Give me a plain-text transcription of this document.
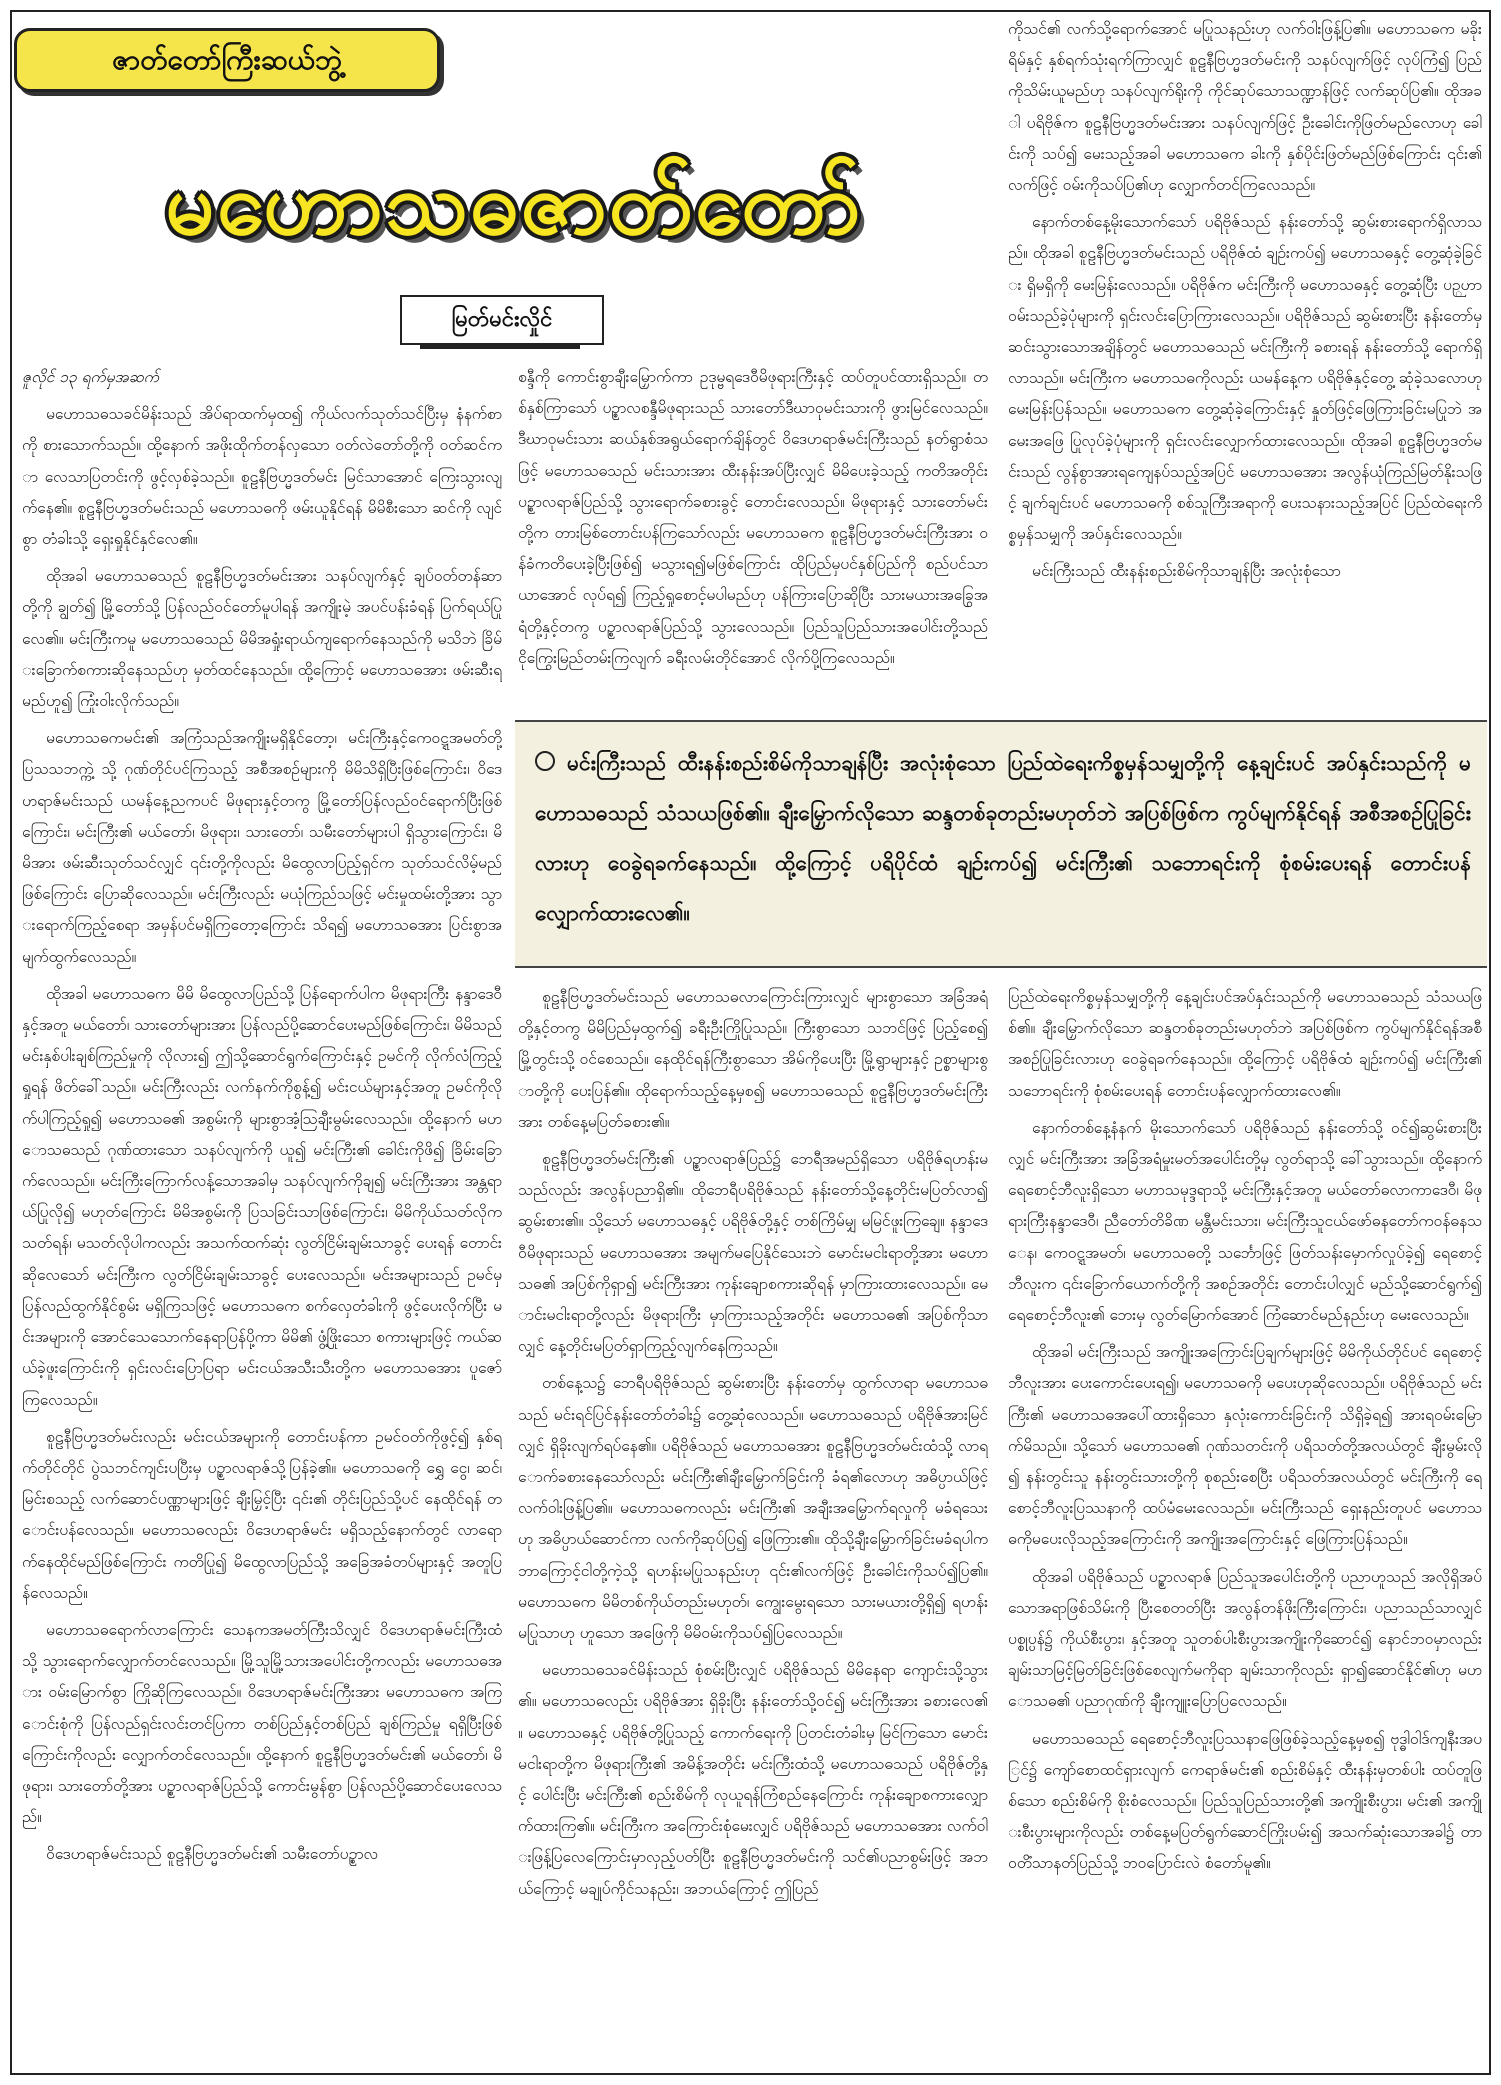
ဇာတ်တော်ကြီးဆယ်ဘွဲ့
မဟောသဓဇာတ်တော်
မြတ်မင်းလှိုင်

ဇူလိုင် ၁၃ ရက်မှအဆက်

မဟောသဓသခင်မိန်းသည် အိပ်ရာထက်မှထ၍ ကိုယ်လက်သုတ်သင်ပြီးမှ နံနက်စာကို စားသောက်သည်။ ထို့နောက် အဖိုးထိုက်တန်လှသော ဝတ်လဲတော်တို့ကို ဝတ်ဆင်ကာ လေသာပြတင်းကို ဖွင့်လှစ်ခဲ့သည်။ စူဠနီဗြဟ္မဒတ်မင်း မြင်သာအောင် ကြေးသွားလျက်နေ၏။ စူဠနီဗြဟ္မဒတ်မင်းသည် မဟောသဓကို ဖမ်းယူနိုင်ရန် မိမိစီးသော ဆင်ကို လျင်စွာ တံခါးသို့ ရှေးရှုနိုင်နှင်လေ၏။

ထိုအခါ မဟောသဓသည် စူဠနီဗြဟ္မဒတ်မင်းအား သနပ်လျက်နှင့် ချပ်ဝတ်တန်ဆာတို့ကို ချွတ်၍ မြို့တော်သို့ ပြန်လည်ဝင်တော်မူပါရန် အကျိုးမဲ့ အပင်ပန်းခံရန် ပြက်ရယ်ပြုလေ၏။ မင်းကြီးကမူ မဟောသဓသည် မိမိအရှုံးရာယ်ကျရောက်နေသည်ကို မသိဘဲ ခြိမ်းခြောက်စကားဆိုနေသည်ဟု မှတ်ထင်နေသည်။ ထို့ကြောင့် မဟောသဓအား ဖမ်းဆီးရမည်ဟူ၍ ကြုံးဝါးလိုက်သည်။

မဟောသဓကမင်း၏ အကြံသည်အကျိုးမရှိနိုင်တော့၊ မင်းကြီးနှင့်ကေဝဋ္ဋအမတ်တို့ ပြသသဘက္ကဲ့ သို့ ဂုဏ်တိုင်ပင်ကြသည့် အစီအစဉ်များကို မိမိသိရှိပြီးဖြစ်ကြောင်း၊ ဝိဒေဟရာဇ်မင်းသည် ယမန်နေ့ညကပင် မိဖုရားနှင့်တကွ မြို့တော်ပြန်လည်ဝင်ရောက်ပြီးဖြစ်ကြောင်း၊ မင်းကြီး၏ မယ်တော်၊ မိဖုရား၊ သားတော်၊ သမီးတော်များပါ ရှိသွားကြောင်း၊ မိမိအား ဖမ်းဆီးသုတ်သင်လျှင် ၎င်းတို့ကိုလည်း မိထွေလာပြည့်ရှင်က သုတ်သင်လိမ့်မည်ဖြစ်ကြောင်း ပြောဆိုလေသည်။ မင်းကြီးလည်း မယုံကြည်သဖြင့် မင်းမှုထမ်းတို့အား သွားရောက်ကြည့်စေရာ အမှန်ပင်မရှိကြတော့ကြောင်း သိရ၍ မဟောသဓအား ပြင်းစွာအမျက်ထွက်လေသည်။

ထိုအခါ မဟောသဓက မိမိ မိထွေလာပြည်သို့ ပြန်ရောက်ပါက မိဖုရားကြီး နန္ဒာဒေဝီနှင့်အတူ မယ်တော်၊ သားတော်များအား ပြန်လည်ပို့ဆောင်ပေးမည်ဖြစ်ကြောင်း၊ မိမိသည် မင်းနှစ်ပါးချစ်ကြည်မှုကို လိုလား၍ ဤသို့ဆောင်ရွက်ကြောင်းနှင့် ဥမင်ကို လိုက်လံကြည့်ရှုရန် ဖိတ်ခေါ်သည်။ မင်းကြီးလည်း လက်နက်ကိုစွန့်၍ မင်းငယ်များနှင့်အတူ ဥမင်ကိုလိုက်ပါကြည့်ရှု၍ မဟောသဓ၏ အစွမ်းကို များစွာအံ့သြချီးမွမ်းလေသည်။ ထို့နောက် မဟောသဓသည် ဂုဏ်ထားသော သနပ်လျက်ကို ယူ၍ မင်းကြီး၏ ခေါင်းကိုဖိ၍ ခြိမ်းခြောက်လေသည်။ မင်းကြီးကြောက်လန့်သောအခါမှ သနပ်လျက်ကိုချ၍ မင်းကြီးအား အန္တရာယ်ပြုလို၍ မဟုတ်ကြောင်း မိမိအစွမ်းကို ပြသခြင်းသာဖြစ်ကြောင်း၊ မိမိကိုယ်သတ်လိုက သတ်ရန်၊ မသတ်လိုပါကလည်း အသက်ထက်ဆုံး လွတ်ငြိမ်းချမ်းသာခွင့် ပေးရန် တောင်းဆိုလေသော် မင်းကြီးက လွတ်ငြိမ်းချမ်းသာခွင့် ပေးလေသည်။ မင်းအများသည် ဥမင်မှ ပြန်လည်ထွက်နိုင်စွမ်း မရှိကြသဖြင့် မဟောသဓက စက်လှေတံခါးကို ဖွင့်ပေးလိုက်ပြီး မင်းအများကို အောင်သေသောက်နေရာပြန်ပို့ကာ မိမိ၏ ဖွံ့ဖြိုးသော စကားများဖြင့် ကယ်ဆယ်ခဲ့ဖူးကြောင်းကို ရှင်းလင်းပြောပြရာ မင်းငယ်အသီးသီးတို့က မဟောသဓအား ပူဇော်ကြလေသည်။

စူဠနီဗြဟ္မဒတ်မင်းလည်း မင်းငယ်အများကို တောင်းပန်ကာ ဥမင်ဝတ်ကိုဖွင့်၍ နှစ်ရက်တိုင်တိုင် ပွဲသဘင်ကျင်းပပြီးမှ ပဉ္စာလရာဇ်သို့ပြန်ခဲ့၏။ မဟောသဓကို ရွှေ ငွေ၊ ဆင်၊ မြင်းစသည့် လက်ဆောင်ပဏ္ဏာများဖြင့် ချီးမြှင့်ပြီး ၎င်း၏ တိုင်းပြည်သို့ပင် နေထိုင်ရန် တောင်းပန်လေသည်။ မဟောသဓလည်း ဝိဒေဟရာဇ်မင်း မရှိသည့်နောက်တွင် လာရောက်နေထိုင်မည်ဖြစ်ကြောင်း ကတိပြု၍ မိထွေလာပြည်သို့ အခြေအခံတပ်များနှင့် အတူပြန်လေသည်။

မဟောသဓရောက်လာကြောင်း သေနကအမတ်ကြီးသိလျှင် ဝိဒေဟရာဇ်မင်းကြီးထံသို့ သွားရောက်လျှောက်တင်လေသည်။ မြို့သူမြို့သားအပေါင်းတို့ကလည်း မဟောသဓအား ဝမ်းမြောက်စွာ ကြိုဆိုကြလေသည်။ ဝိဒေဟရာဇ်မင်းကြီးအား မဟောသဓက အကြောင်းစုံကို ပြန်လည်ရှင်းလင်းတင်ပြကာ တစ်ပြည်နှင့်တစ်ပြည် ချစ်ကြည်မှု ရရှိပြီးဖြစ်ကြောင်းကိုလည်း လျှောက်တင်လေသည်။ ထို့နောက် စူဠနီဗြဟ္မဒတ်မင်း၏ မယ်တော်၊ မိဖုရား၊ သားတော်တို့အား ပဉ္စာလရာဇ်ပြည်သို့ ကောင်းမွန်စွာ ပြန်လည်ပို့ဆောင်ပေးလေသည်။

ဝိဒေဟရာဇ်မင်းသည် စူဠနီဗြဟ္မဒတ်မင်း၏ သမီးတော်ပဉ္စာလ

စန္ဒီကို ကောင်းစွာချီးမြှောက်ကာ ဥဒုမ္ဗရဒေဝီမိဖုရားကြီးနှင့် ထပ်တူပင်ထားရှိသည်။ တစ်နှစ်ကြာသော် ပဉ္စာလစန္ဒီမိဖုရားသည် သားတော်ဒီဃာဝုမင်းသားကို ဖွားမြင်လေသည်။ ဒီဃာဝုမင်းသား ဆယ်နှစ်အရွယ်ရောက်ချိန်တွင် ဝိဒေဟရာဇ်မင်းကြီးသည် နတ်ရွာစံသဖြင့် မဟောသဓသည် မင်းသားအား ထီးနန်းအပ်ပြီးလျှင် မိမိပေးခဲ့သည့် ကတိအတိုင်း ပဉ္စာလရာဇ်ပြည်သို့ သွားရောက်ခစားခွင့် တောင်းလေသည်။ မိဖုရားနှင့် သားတော်မင်းတို့က တားမြစ်တောင်းပန်ကြသော်လည်း မဟောသဓက စူဠနီဗြဟ္မဒတ်မင်းကြီးအား ဝန်ခံကတိပေးခဲ့ပြီးဖြစ်၍ မသွားရ၍မဖြစ်ကြောင်း ထိုပြည်မှပင်နှစ်ပြည်ကို စည်ပင်သာယာအောင် လုပ်ရ၍ ကြည့်ရှုစောင့်မပါမည်ဟု ပန်ကြားပြောဆိုပြီး သားမယားအခြွေအရံတို့နှင့်တကွ ပဉ္စာလရာဇ်ပြည်သို့ သွားလေသည်။ ပြည်သူပြည်သားအပေါင်းတို့သည် ငိုကြွေးမြည်တမ်းကြလျက် ခရီးလမ်းတိုင်အောင် လိုက်ပို့ကြလေသည်။

ကိုသင်၏ လက်သို့ရောက်အောင် မပြုသနည်းဟု လက်ဝါးဖြန့်ပြ၏။ မဟောသဓက မခိုးရိမ်နှင့် နှစ်ရက်သုံးရက်ကြာလျှင် စူဠနီဗြဟ္မဒတ်မင်းကို သနပ်လျက်ဖြင့် လုပ်ကြံ၍ ပြည်ကိုသိမ်းယူမည်ဟု သနပ်လျက်ရိုးကို ကိုင်ဆုပ်သောသဏ္ဍာန်ဖြင့် လက်ဆုပ်ပြ၏။ ထိုအခါ ပရိဗိုဇ်က စူဠနီဗြဟ္မဒတ်မင်းအား သနပ်လျက်ဖြင့် ဦးခေါင်းကိုဖြတ်မည်လောဟု ခေါင်းကို သပ်၍ မေးသည့်အခါ မဟောသဓက ခါးကို နှစ်ပိုင်းဖြတ်မည်ဖြစ်ကြောင်း ၎င်း၏လက်ဖြင့် ဝမ်းကိုသပ်ပြ၏ဟု လျှောက်တင်ကြလေသည်။

နောက်တစ်နေ့မိုးသောက်သော် ပရိဗိုဇ်သည် နန်းတော်သို့ ဆွမ်းစားရောက်ရှိလာသည်။ ထိုအခါ စူဠနီဗြဟ္မဒတ်မင်းသည် ပရိဗိုဇ်ထံ ချဉ်းကပ်၍ မဟောသဓနှင့် တွေ့ဆုံခဲ့ခြင်း ရှိမရှိကို မေးမြန်းလေသည်။ ပရိဗိုဇ်က မင်းကြီးကို မဟောသဓနှင့် တွေ့ဆုံပြီး ပဉ္ဟာဝမ်းသည်ခဲ့ပုံများကို ရှင်းလင်းပြောကြားလေသည်။ ပရိဗိုဇ်သည် ဆွမ်းစားပြီး နန်းတော်မှ ဆင်းသွားသောအချိန်တွင် မဟောသဓသည် မင်းကြီးကို ခစားရန် နန်းတော်သို့ ရောက်ရှိလာသည်။ မင်းကြီးက မဟောသဓကိုလည်း ယမန်နေ့က ပရိဗိုဇ်နှင့်တွေ့ ဆုံခဲ့သလောဟု မေးမြန်းပြန်သည်။ မဟောသဓက တွေ့ဆုံခဲ့ကြောင်းနှင့် နှုတ်ဖြင့်ဖြေကြားခြင်းမပြုဘဲ အမေးအဖြေ ပြုလုပ်ခဲ့ပုံများကို ရှင်းလင်းလျှောက်ထားလေသည်။ ထိုအခါ စူဠနီဗြဟ္မဒတ်မင်းသည် လွန်စွာအားရကျေနပ်သည့်အပြင် မဟောသဓအား အလွန်ယုံကြည်မြတ်နိုးသဖြင့် ချက်ချင်းပင် မဟောသဓကို စစ်သူကြီးအရာကို ပေးသနားသည့်အပြင် ပြည်ထဲရေးကိစ္စမှန်သမျှကို အပ်နှင်းလေသည်။

မင်းကြီးသည် ထီးနန်းစည်းစိမ်ကိုသာချန်ပြီး အလုံးစုံသော

မင်းကြီးသည် ထီးနန်းစည်းစိမ်ကိုသာချန်ပြီး အလုံးစုံသော ပြည်ထဲရေးကိစ္စမှန်သမျှတို့ကို နေ့ချင်းပင် အပ်နှင်းသည်ကို မဟောသဓသည် သံသယဖြစ်၏။ ချီးမြှောက်လိုသော ဆန္ဒတစ်ခုတည်းမဟုတ်ဘဲ အပြစ်ဖြစ်က ကွပ်မျက်နိုင်ရန် အစီအစဉ်ပြုခြင်းလားဟု ဝေခွဲရခက်နေသည်။ ထို့ကြောင့် ပရိပိုင်ထံ ချဉ်းကပ်၍ မင်းကြီး၏ သဘောရင်းကို စုံစမ်းပေးရန် တောင်းပန်လျှောက်ထားလေ၏။

စူဠနီဗြဟ္မဒတ်မင်းသည် မဟောသဓလာကြောင်းကြားလျှင် များစွာသော အခြံအရံတို့နှင့်တကွ မိမိပြည်မှထွက်၍ ခရီးဦးကြိုပြုသည်။ ကြီးစွာသော သဘင်ဖြင့် ပြည့်စေ၍ မြို့တွင်းသို့ ဝင်စေသည်။ နေထိုင်ရန်ကြီးစွာသော အိမ်ကိုပေးပြီး မြို့ရွာများနှင့် ဥစ္စာများစွာတို့ကို ပေးပြန်၏။ ထိုရောက်သည့်နေ့မှစ၍ မဟောသဓသည် စူဠနီဗြဟ္မဒတ်မင်းကြီးအား တစ်နေ့မပြတ်ခစား၏။

စူဠနီဗြဟ္မဒတ်မင်းကြီး၏ ပဉ္စာလရာဇ်ပြည်၌ ဘေရီအမည်ရှိသော ပရိဗိုဇ်ရဟန်းမသည်လည်း အလွန်ပညာရှိ၏။ ထိုဘေရီပရိဗိုဇ်သည် နန်းတော်သို့နေ့တိုင်းမပြတ်လာ၍ ဆွမ်းစား၏။ သို့သော် မဟောသဓနှင့် ပရိဗိုဇ်တို့နှင့် တစ်ကြိမ်မျှ မမြင်ဖူးကြချေ။ နန္ဒာဒေဝီမိဖုရားသည် မဟောသဓအား အမျက်မပြေနိုင်သေးဘဲ မောင်းမငါးရာတို့အား မဟောသဓ၏ အပြစ်ကိုရှာ၍ မင်းကြီးအား ကုန်းချောစကားဆိုရန် မှာကြားထားလေသည်။ မောင်းမငါးရာတို့လည်း မိဖုရားကြီး မှာကြားသည့်အတိုင်း မဟောသဓ၏ အပြစ်ကိုသာလျှင် နေ့တိုင်းမပြတ်ရှာကြည့်လျက်နေကြသည်။

တစ်နေ့သ၌ ဘေရီပရိဗိုဇ်သည် ဆွမ်းစားပြီး နန်းတော်မှ ထွက်လာရာ မဟောသဓသည် မင်းရင်ပြင်နန်းတော်တံခါး၌ တွေ့ဆုံလေသည်။ မဟောသဓသည် ပရိဗိုဇ်အားမြင်လျှင် ရှိခိုးလျက်ရပ်နေ၏။ ပရိဗိုဇ်သည် မဟောသဓအား စူဠနီဗြဟ္မဒတ်မင်းထံသို့ လာရောက်ခစားနေသော်လည်း မင်းကြီး၏ချီးမြှောက်ခြင်းကို ခံရ၏လောဟု အဓိပ္ပာယ်ဖြင့် လက်ဝါးဖြန့်ပြ၏။ မဟောသဓကလည်း မင်းကြီး၏ အချီးအမြှောက်ရလှုကို မခံရသေးဟု အဓိပ္ပာယ်ဆောင်ကာ လက်ကိုဆုပ်ပြ၍ ဖြေကြား၏။ ထိုသို့ချီးမြှောက်ခြင်းမခံရပါက ဘာကြောင့်ငါတို့ကဲ့သို့ ရဟန်းမပြုသနည်းဟု ၎င်း၏လက်ဖြင့် ဦးခေါင်းကိုသပ်၍ပြ၏။ မဟောသဓက မိမိတစ်ကိုယ်တည်းမဟုတ်၊ ကျွေးမွေးရသော သားမယားတို့ရှိ၍ ရဟန်းမပြုသာဟု ဟူသော အဖြေကို မိမိဝမ်းကိုသပ်၍ပြလေသည်။

မဟောသဓသခင်မိန်းသည် စုံစမ်းပြီးလျှင် ပရိဗိုဇ်သည် မိမိနေရာ ကျောင်းသို့သွား၏။ မဟောသဓလည်း ပရိဗိုဇ်အား ရှိခိုးပြီး နန်းတော်သို့ဝင်၍ မင်းကြီးအား ခစားလေ၏။ မဟောသဓနှင့် ပရိဗိုဇ်တို့ပြုသည့် ကောက်ရေးကို ပြတင်းတံခါးမှ မြင်ကြသော မောင်းမငါးရာတို့က မိဖုရားကြီး၏ အမိန့်အတိုင်း မင်းကြီးထံသို့ မဟောသဓသည် ပရိဗိုဇ်တို့နှင့် ပေါင်းပြီး မင်းကြီး၏ စည်းစိမ်ကို လုယူရန်ကြံစည်နေကြောင်း ကုန်းချောစကားလျှောက်ထားကြ၏။ မင်းကြီးက အကြောင်းစုံမေးလျှင် ပရိဗိုဇ်သည် မဟောသဓအား လက်ဝါးဖြန့်ပြလေကြောင်းမှာလှည့်ပတ်ပြီး စူဠနီဗြဟ္မဒတ်မင်းကို သင်၏ပညာစွမ်းဖြင့် အဘယ်ကြောင့် မချုပ်ကိုင်သနည်း၊ အဘယ်ကြောင့် ဤပြည်

ပြည်ထဲရေးကိစ္စမှန်သမျှတို့ကို နေ့ချင်းပင်အပ်နှင်းသည်ကို မဟောသဓသည် သံသယဖြစ်၏။ ချီးမြှောက်လိုသော ဆန္ဒတစ်ခုတည်းမဟုတ်ဘဲ အပြစ်ဖြစ်က ကွပ်မျက်နိုင်ရန်အစီအစဉ်ပြုခြင်းလားဟု ဝေခွဲရခက်နေသည်။ ထို့ကြောင့် ပရိဗိုဇ်ထံ ချဉ်းကပ်၍ မင်းကြီး၏ သဘောရင်းကို စုံစမ်းပေးရန် တောင်းပန်လျှောက်ထားလေ၏။

နောက်တစ်နေ့နံနက် မိုးသောက်သော် ပရိဗိုဇ်သည် နန်းတော်သို့ ဝင်၍ဆွမ်းစားပြီးလျှင် မင်းကြီးအား အခြံအရံမှုးမတ်အပေါင်းတို့မှ လွတ်ရာသို့ ခေါ်သွားသည်။ ထို့နောက်ရေစောင့်ဘီလူးရှိသော မဟာသမုဒ္ဒရာသို့ မင်းကြီးနှင့်အတူ မယ်တော်ဓလာကာဒေဝီ၊ မိဖုရားကြီးနန္ဒာဒေဝီ၊ ညီတော်တိခိဏ မန္တီမင်းသား၊ မင်းကြီးသူငယ်ဖော်ဓနတော်ကဝန်ဓနသေန၊ ကေဝဋ္ဋအမတ်၊ မဟောသဓတို့ သင်္ဘောဖြင့် ဖြတ်သန်းမှောက်လှုပ်ခဲ့၍ ရေစောင့်ဘီလူးက ၎င်းခြောက်ယောက်တို့ကို အစဉ်အတိုင်း တောင်းပါလျှင် မည်သို့ဆောင်ရွက်၍ ရေစောင့်ဘီလူး၏ ဘေးမှ လွတ်မြောက်အောင် ကြံဆောင်မည်နည်းဟု မေးလေသည်။

ထိုအခါ မင်းကြီးသည် အကျိုးအကြောင်းပြချက်များဖြင့် မိမိကိုယ်တိုင်ပင် ရေစောင့်ဘီလူးအား ပေးကောင်းပေးရ၍၊ မဟောသဓကို မပေးဟုဆိုလေသည်။ ပရိဗိုဇ်သည် မင်းကြီး၏ မဟောသဓအပေါ်ထားရှိသော နှလုံးကောင်းခြင်းကို သိရှိခဲ့ရ၍ အားရဝမ်းမြောက်မိသည်။ သို့သော် မဟောသဓ၏ ဂုဏ်သတင်းကို ပရိသတ်တို့အလယ်တွင် ချီးမွမ်းလို၍ နန်းတွင်းသူ နန်းတွင်းသားတို့ကို စုစည်းစေပြီး ပရိသတ်အလယ်တွင် မင်းကြီးကို ရေစောင့်ဘီလူးပြဿနာကို ထပ်မံမေးလေသည်။ မင်းကြီးသည် ရှေးနည်းတူပင် မဟောသဓကိုမပေးလိုသည့်အကြောင်းကို အကျိုးအကြောင်းနှင့် ဖြေကြားပြန်သည်။

ထိုအခါ ပရိဗိုဇ်သည် ပဉ္စာလရာဇ် ပြည်သူအပေါင်းတို့ကို ပညာဟူသည် အလိုရှိအပ်သောအရာဖြစ်သိမ်းကို ပြီးစေတတ်ပြီး အလွန်တန်ဖိုးကြီးကြောင်း၊ ပညာသည်သာလျှင် ပစ္စုပ္ပန်၌ ကိုယ်စီးပွား၊ နှင့်အတူ သူတစ်ပါးစီးပွားအကျိုးကိုဆောင်၍ နောင်ဘဝမှာလည်း ချမ်းသာမြင့်မြတ်ခြင်းဖြစ်စေလျက်မကိုရာ ချမ်းသာကိုလည်း ရှာ၍ဆောင်နိုင်၏ဟု မဟောသဓ၏ ပညာဂုဏ်ကို ချီးကျူးပြောပြလေသည်။

မဟောသဓသည် ရေစောင့်ဘီလူးပြဿနာဖြေဖြစ်ခဲ့သည့်နေ့မှစ၍ ဗုဒ္ဓါဝါဒ်ကျနီးအပြင်၌ ကျော်စောထင်ရှားလျက် ကေရာဇ်မင်း၏ စည်းစိမ်နှင့် ထီးနန်းမှတစ်ပါး ထပ်တူဖြစ်သော စည်းစိမ်ကို စိုးစံလေသည်။ ပြည်သူပြည်သားတို့၏ အကျိုးစီးပွား၊ မင်း၏ အကျိုးစီးပွားများကိုလည်း တစ်နေ့မပြတ်ရွက်ဆောင်ကြိုးပမ်း၍ အသက်ဆုံးသောအခါ၌ တာဝတိံသာနတ်ပြည်သို့ ဘဝပြောင်းလဲ စံတော်မူ၏။
